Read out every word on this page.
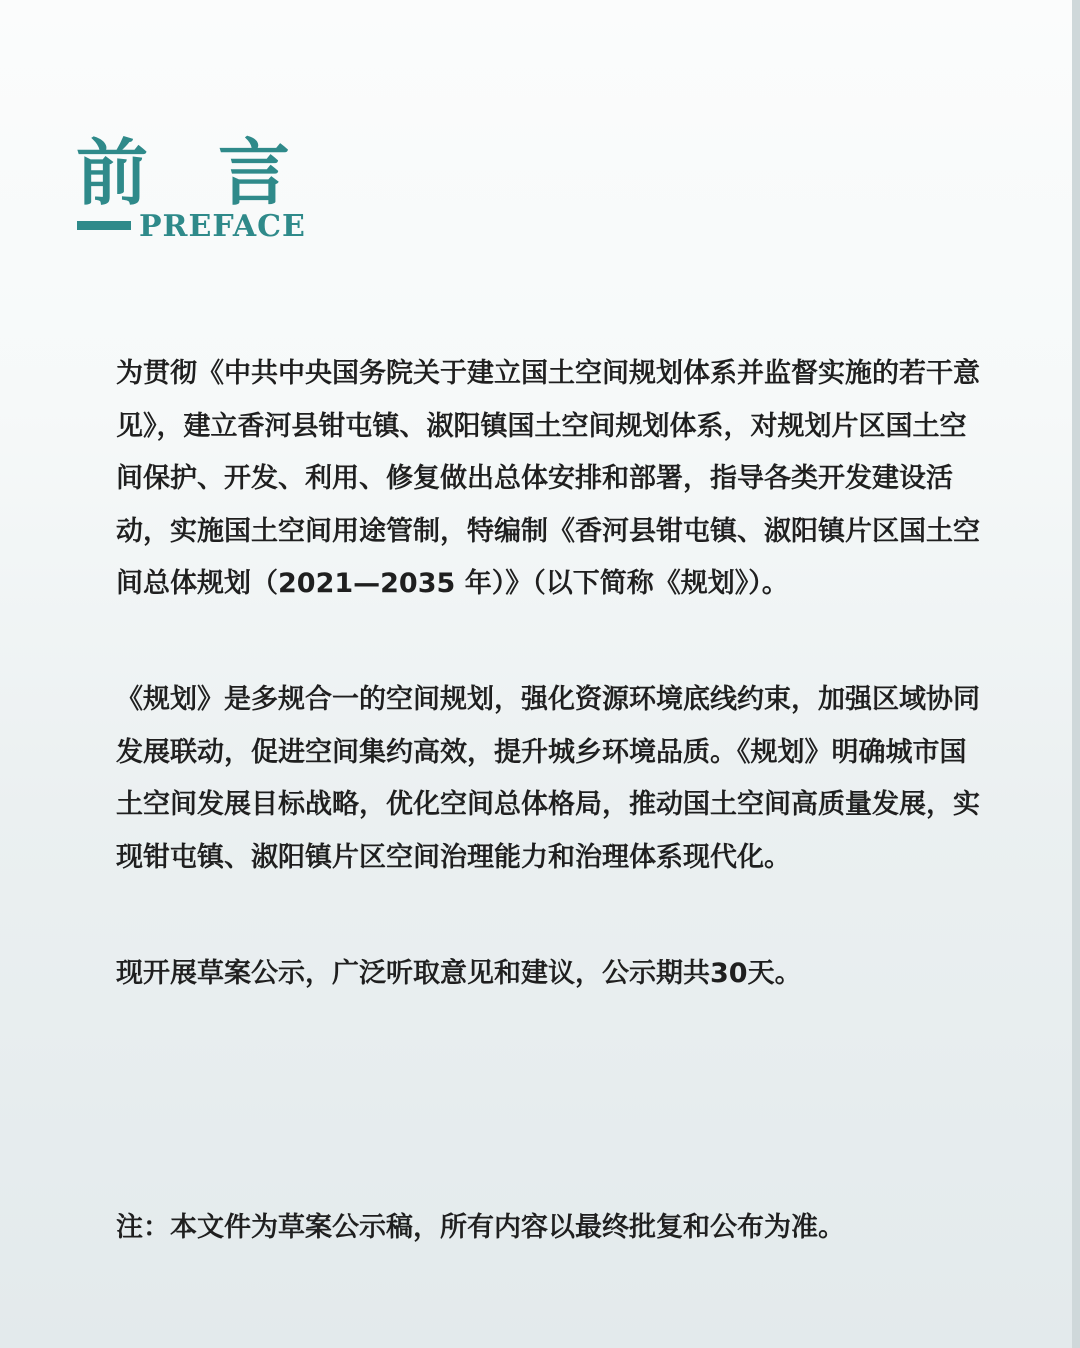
前言
PREFACE

为贯彻《中共中央国务院关于建立国土空间规划体系并监督实施的若干意见》，建立香河县钳屯镇、淑阳镇国土空间规划体系，对规划片区国土空间保护、开发、利用、修复做出总体安排和部署，指导各类开发建设活动，实施国土空间用途管制，特编制《香河县钳屯镇、淑阳镇片区国土空间总体规划（2021—2035 年）》（以下简称《规划》）。

《规划》是多规合一的空间规划，强化资源环境底线约束，加强区域协同发展联动，促进空间集约高效，提升城乡环境品质。《规划》明确城市国土空间发展目标战略，优化空间总体格局，推动国土空间高质量发展，实现钳屯镇、淑阳镇片区空间治理能力和治理体系现代化。

现开展草案公示，广泛听取意见和建议，公示期共30天。

注：本文件为草案公示稿，所有内容以最终批复和公布为准。
